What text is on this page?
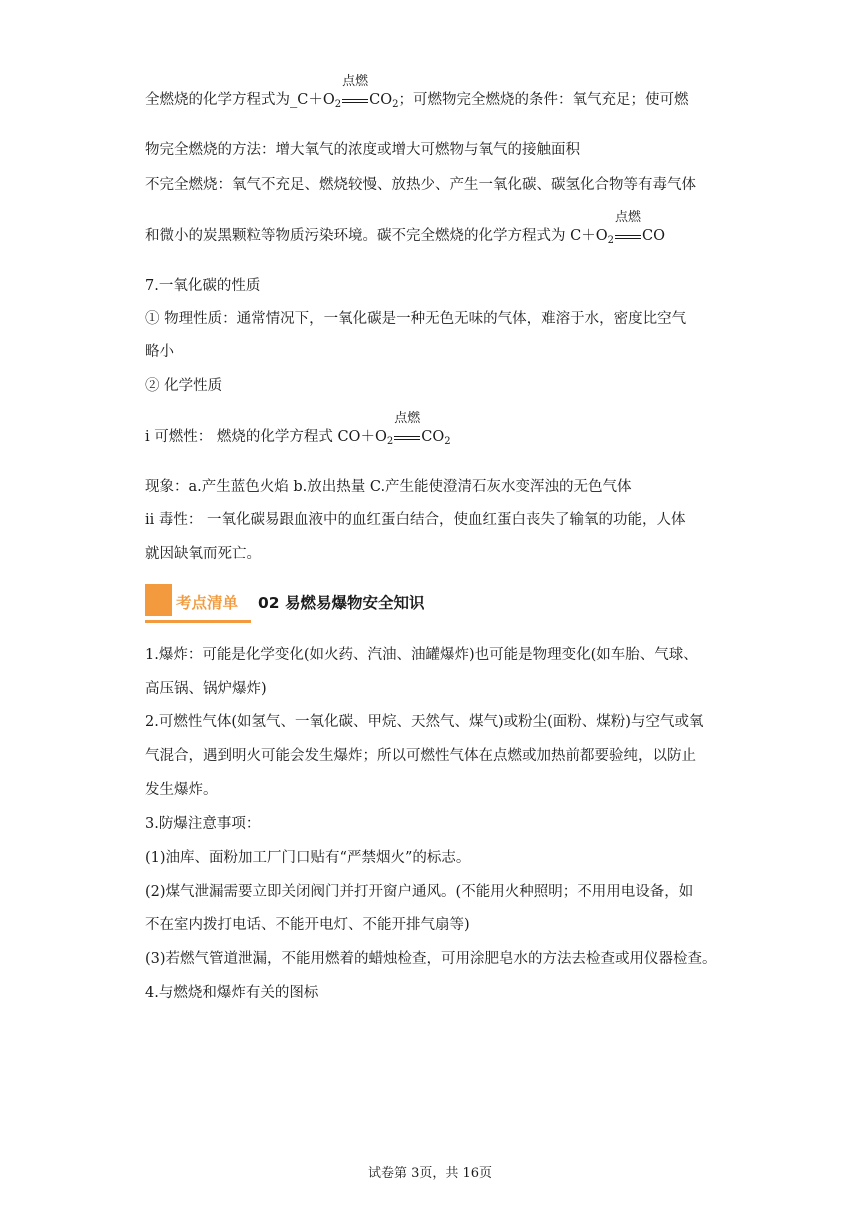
全燃烧的化学方程式为$\_C+O_2$
点燃
$CO_2$；可燃物完全燃烧的条件：氧气充足；使可燃
物完全燃烧的方法：增大氧气的浓度或增大可燃物与氧气的接触面积
不完全燃烧：氧气不充足、燃烧较慢、放热少、产生一氧化碳、碳氢化合物等有毒气体
和微小的炭黑颗粒等物质污染环境。碳不完全燃烧的化学方程式为 $C+O_2$
点燃
CO
7.一氧化碳的性质
① 物理性质：通常情况下，一氧化碳是一种无色无味的气体，难溶于水，密度比空气
略小
② 化学性质
i 可燃性： 燃烧的化学方程式 $CO+O_2$
点燃
$CO_2$
现象：a.产生蓝色火焰 b.放出热量 C.产生能使澄清石灰水变浑浊的无色气体
ii 毒性： 一氧化碳易跟血液中的血红蛋白结合，使血红蛋白丧失了输氧的功能，人体
就因缺氧而死亡。
考点清单 02 易燃易爆物安全知识
1.爆炸：可能是化学变化(如火药、汽油、油罐爆炸)也可能是物理变化(如车胎、气球、
高压锅、锅炉爆炸)
2.可燃性气体(如氢气、一氧化碳、甲烷、天然气、煤气)或粉尘(面粉、煤粉)与空气或氧
气混合，遇到明火可能会发生爆炸；所以可燃性气体在点燃或加热前都要验纯，以防止
发生爆炸。
3.防爆注意事项：
(1)油库、面粉加工厂门口贴有“严禁烟火”的标志。
(2)煤气泄漏需要立即关闭阀门并打开窗户通风。(不能用火种照明；不用用电设备，如
不在室内拨打电话、不能开电灯、不能开排气扇等)
(3)若燃气管道泄漏，不能用燃着的蜡烛检查，可用涂肥皂水的方法去检查或用仪器检查。
4.与燃烧和爆炸有关的图标
试卷第 3页，共 16页
